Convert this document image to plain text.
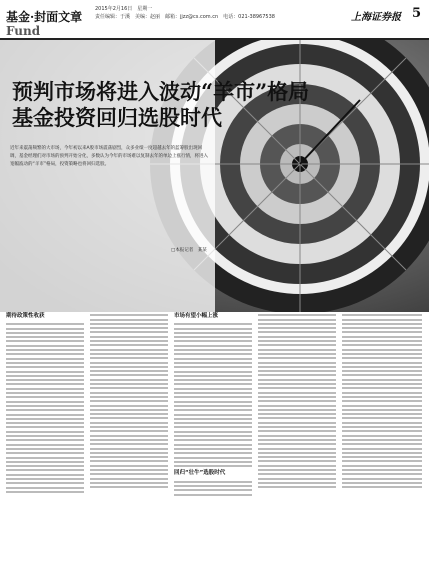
基金·封面文章
Fund
2015年2月16日　星期一
责任编辑：于溪　美编：赵丽　邮箱：jjzz@cs.com.cn　电话：021-38967538	上海证券报 5
预判市场将进入波动“羊市”格局
基金投资回归选股时代
近年来震荡频繁的大市场，今年初以来A股市场震荡剧烈，众多业绩一度超越去年的蓝筹股出现回调，基金经理们对市场的预判开始分化，多数认为今年的市场难以复制去年的单边上涨行情，将进入宽幅波动的“羊市”格局，投资策略也将回归选股。
□本报记者　某某
期待政策性收获	市场有望小幅上涨
回归“壮牛”选股时代
